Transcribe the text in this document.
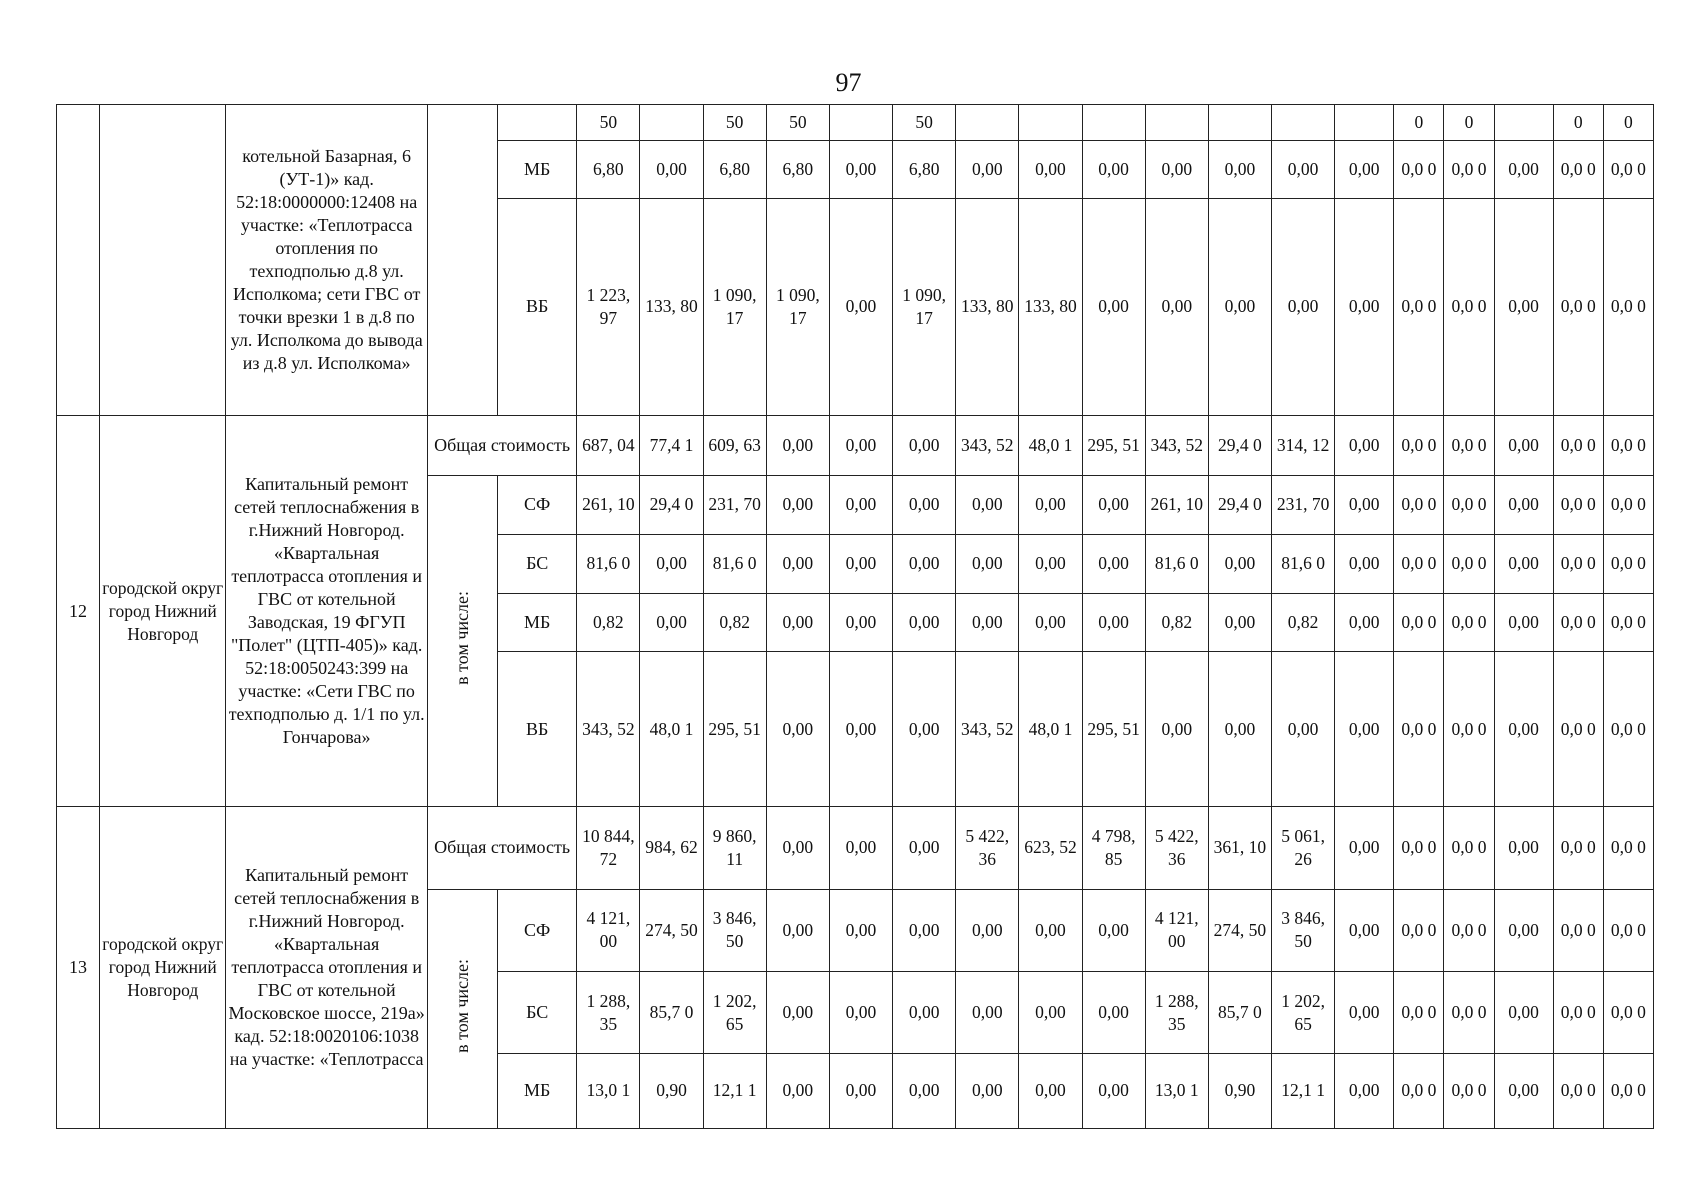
97
		котельной Базарная, 6 (УТ-1)» кад. 52:18:0000000:12408 на участке: «Теплотрасса отопления по техподполью д.8 ул. Исполкома; сети ГВС от точки врезки 1 в д.8 по ул. Исполкома до вывода из д.8 ул. Исполкома»			50		50	50		50								0	0		0	0
				МБ	6,80	0,00	6,80	6,80	0,00	6,80	0,00	0,00	0,00	0,00	0,00	0,00	0,00	0,0 0	0,0 0	0,00	0,0 0	0,0 0
				ВБ	1 223, 97	133, 80	1 090, 17	1 090, 17	0,00	1 090, 17	133, 80	133, 80	0,00	0,00	0,00	0,00	0,00	0,0 0	0,0 0	0,00	0,0 0	0,0 0
12	городской округ город Нижний Новгород	Капитальный ремонт сетей теплоснабжения в г.Нижний Новгород. «Квартальная теплотрасса отопления и ГВС от котельной Заводская, 19 ФГУП "Полет" (ЦТП-405)» кад. 52:18:0050243:399 на участке: «Сети ГВС по техподполью д. 1/1 по ул. Гончарова»	Общая стоимость		687, 04	77,4 1	609, 63	0,00	0,00	0,00	343, 52	48,0 1	295, 51	343, 52	29,4 0	314, 12	0,00	0,0 0	0,0 0	0,00	0,0 0	0,0 0
			в том числе:	СФ	261, 10	29,4 0	231, 70	0,00	0,00	0,00	0,00	0,00	0,00	261, 10	29,4 0	231, 70	0,00	0,0 0	0,0 0	0,00	0,0 0	0,0 0
				БС	81,6 0	0,00	81,6 0	0,00	0,00	0,00	0,00	0,00	0,00	81,6 0	0,00	81,6 0	0,00	0,0 0	0,0 0	0,00	0,0 0	0,0 0
				МБ	0,82	0,00	0,82	0,00	0,00	0,00	0,00	0,00	0,00	0,82	0,00	0,82	0,00	0,0 0	0,0 0	0,00	0,0 0	0,0 0
				ВБ	343, 52	48,0 1	295, 51	0,00	0,00	0,00	343, 52	48,0 1	295, 51	0,00	0,00	0,00	0,00	0,0 0	0,0 0	0,00	0,0 0	0,0 0
13	городской округ город Нижний Новгород	Капитальный ремонт сетей теплоснабжения в г.Нижний Новгород. «Квартальная теплотрасса отопления и ГВС от котельной Московское шоссе, 219а» кад. 52:18:0020106:1038 на участке: «Теплотрасса	Общая стоимость		10 844, 72	984, 62	9 860, 11	0,00	0,00	0,00	5 422, 36	623, 52	4 798, 85	5 422, 36	361, 10	5 061, 26	0,00	0,0 0	0,0 0	0,00	0,0 0	0,0 0
			в том числе:	СФ	4 121, 00	274, 50	3 846, 50	0,00	0,00	0,00	0,00	0,00	0,00	4 121, 00	274, 50	3 846, 50	0,00	0,0 0	0,0 0	0,00	0,0 0	0,0 0
				БС	1 288, 35	85,7 0	1 202, 65	0,00	0,00	0,00	0,00	0,00	0,00	1 288, 35	85,7 0	1 202, 65	0,00	0,0 0	0,0 0	0,00	0,0 0	0,0 0
				МБ	13,0 1	0,90	12,1 1	0,00	0,00	0,00	0,00	0,00	0,00	13,0 1	0,90	12,1 1	0,00	0,0 0	0,0 0	0,00	0,0 0	0,0 0
